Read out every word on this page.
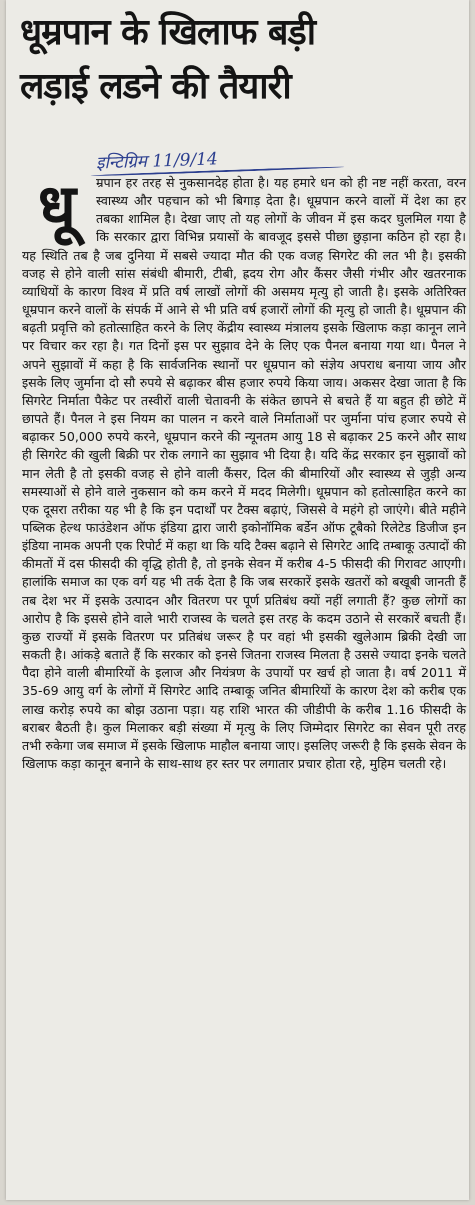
धूम्रपान के खिलाफ बड़ी
लड़ाई लडने की तैयारी
इन्टिग्रिम 11/9/14

धू	म्रपान हर तरह से नुकसानदेह होता है। यह हमारे धन को ही नष्ट नहीं करता, वरन स्वास्थ्य और पहचान को भी बिगाड़ देता है। धूम्रपान करने वालों में देश का हर तबका शामिल है। देखा जाए तो यह लोगों के जीवन में इस कदर घुलमिल गया है कि सरकार द्वारा विभिन्न प्रयासों के बावजूद इससे पीछा छुड़ाना कठिन हो रहा है। यह स्थिति तब है जब दुनिया में सबसे ज्यादा मौत की एक वजह सिगरेट की लत भी है। इसकी वजह से होने वाली सांस संबंधी बीमारी, टीबी, ह्रदय रोग और कैंसर जैसी गंभीर और खतरनाक व्याधियों के कारण विश्व में प्रति वर्ष लाखों लोगों की असमय मृत्यु हो जाती है। इसके अतिरिक्त धूम्रपान करने वालों के संपर्क में आने से भी प्रति वर्ष हजारों लोगों की मृत्यु हो जाती है। धूम्रपान की बढ़ती प्रवृत्ति को हतोत्साहित करने के लिए केंद्रीय स्वास्थ्य मंत्रालय इसके खिलाफ कड़ा कानून लाने पर विचार कर रहा है। गत दिनों इस पर सुझाव देने के लिए एक पैनल बनाया गया था। पैनल ने अपने सुझावों में कहा है कि सार्वजनिक स्थानों पर धूम्रपान को संज्ञेय अपराध बनाया जाय और इसके लिए जुर्माना दो सौ रुपये से बढ़ाकर बीस हजार रुपये किया जाय। अकसर देखा जाता है कि सिगरेट निर्माता पैकेट पर तस्वीरों वाली चेतावनी के संकेत छापने से बचते हैं या बहुत ही छोटे में छापते हैं। पैनल ने इस नियम का पालन न करने वाले निर्माताओं पर जुर्माना पांच हजार रुपये से बढ़ाकर 50,000 रुपये करने, धूम्रपान करने की न्यूनतम आयु 18 से बढ़ाकर 25 करने और साथ ही सिगरेट की खुली बिक्री पर रोक लगाने का सुझाव भी दिया है। यदि केंद्र सरकार इन सुझावों को मान लेती है तो इसकी वजह से होने वाली कैंसर, दिल की बीमारियों और स्वास्थ्य से जुड़ी अन्य समस्याओं से होने वाले नुकसान को कम करने में मदद मिलेगी। धूम्रपान को हतोत्साहित करने का एक दूसरा तरीका यह भी है कि इन पदार्थों पर टैक्स बढ़ाएं, जिससे वे महंगे हो जाएंगे। बीते महीने पब्लिक हेल्थ फाउंडेशन ऑफ इंडिया द्वारा जारी इकोनॉमिक बर्डेन ऑफ टूबैको रिलेटेड डिजीज इन इंडिया नामक अपनी एक रिपोर्ट में कहा था कि यदि टैक्स बढ़ाने से सिगरेट आदि तम्बाकू उत्पादों की कीमतों में दस फीसदी की वृद्धि होती है, तो इनके सेवन में करीब 4-5 फीसदी की गिरावट आएगी। हालांकि समाज का एक वर्ग यह भी तर्क देता है कि जब सरकारें इसके खतरों को बखूबी जानती हैं तब देश भर में इसके उत्पादन और वितरण पर पूर्ण प्रतिबंध क्यों नहीं लगाती हैं? कुछ लोगों का आरोप है कि इससे होने वाले भारी राजस्व के चलते इस तरह के कदम उठाने से सरकारें बचती हैं। कुछ राज्यों में इसके वितरण पर प्रतिबंध जरूर है पर वहां भी इसकी खुलेआम ब्रिकी देखी जा सकती है। आंकड़े बताते हैं कि सरकार को इनसे जितना राजस्व मिलता है उससे ज्यादा इनके चलते पैदा होने वाली बीमारियों के इलाज और नियंत्रण के उपायों पर खर्च हो जाता है। वर्ष 2011 में 35-69 आयु वर्ग के लोगों में सिगरेट आदि तम्बाकू जनित बीमारियों के कारण देश को करीब एक लाख करोड़ रुपये का बोझ उठाना पड़ा। यह राशि भारत की जीडीपी के करीब 1.16 फीसदी के बराबर बैठती है। कुल मिलाकर बड़ी संख्या में मृत्यु के लिए जिम्मेदार सिगरेट का सेवन पूरी तरह तभी रुकेगा जब समाज में इसके खिलाफ माहौल बनाया जाए। इसलिए जरूरी है कि इसके सेवन के खिलाफ कड़ा कानून बनाने के साथ-साथ हर स्तर पर लगातार प्रचार होता रहे, मुहिम चलती रहे।
